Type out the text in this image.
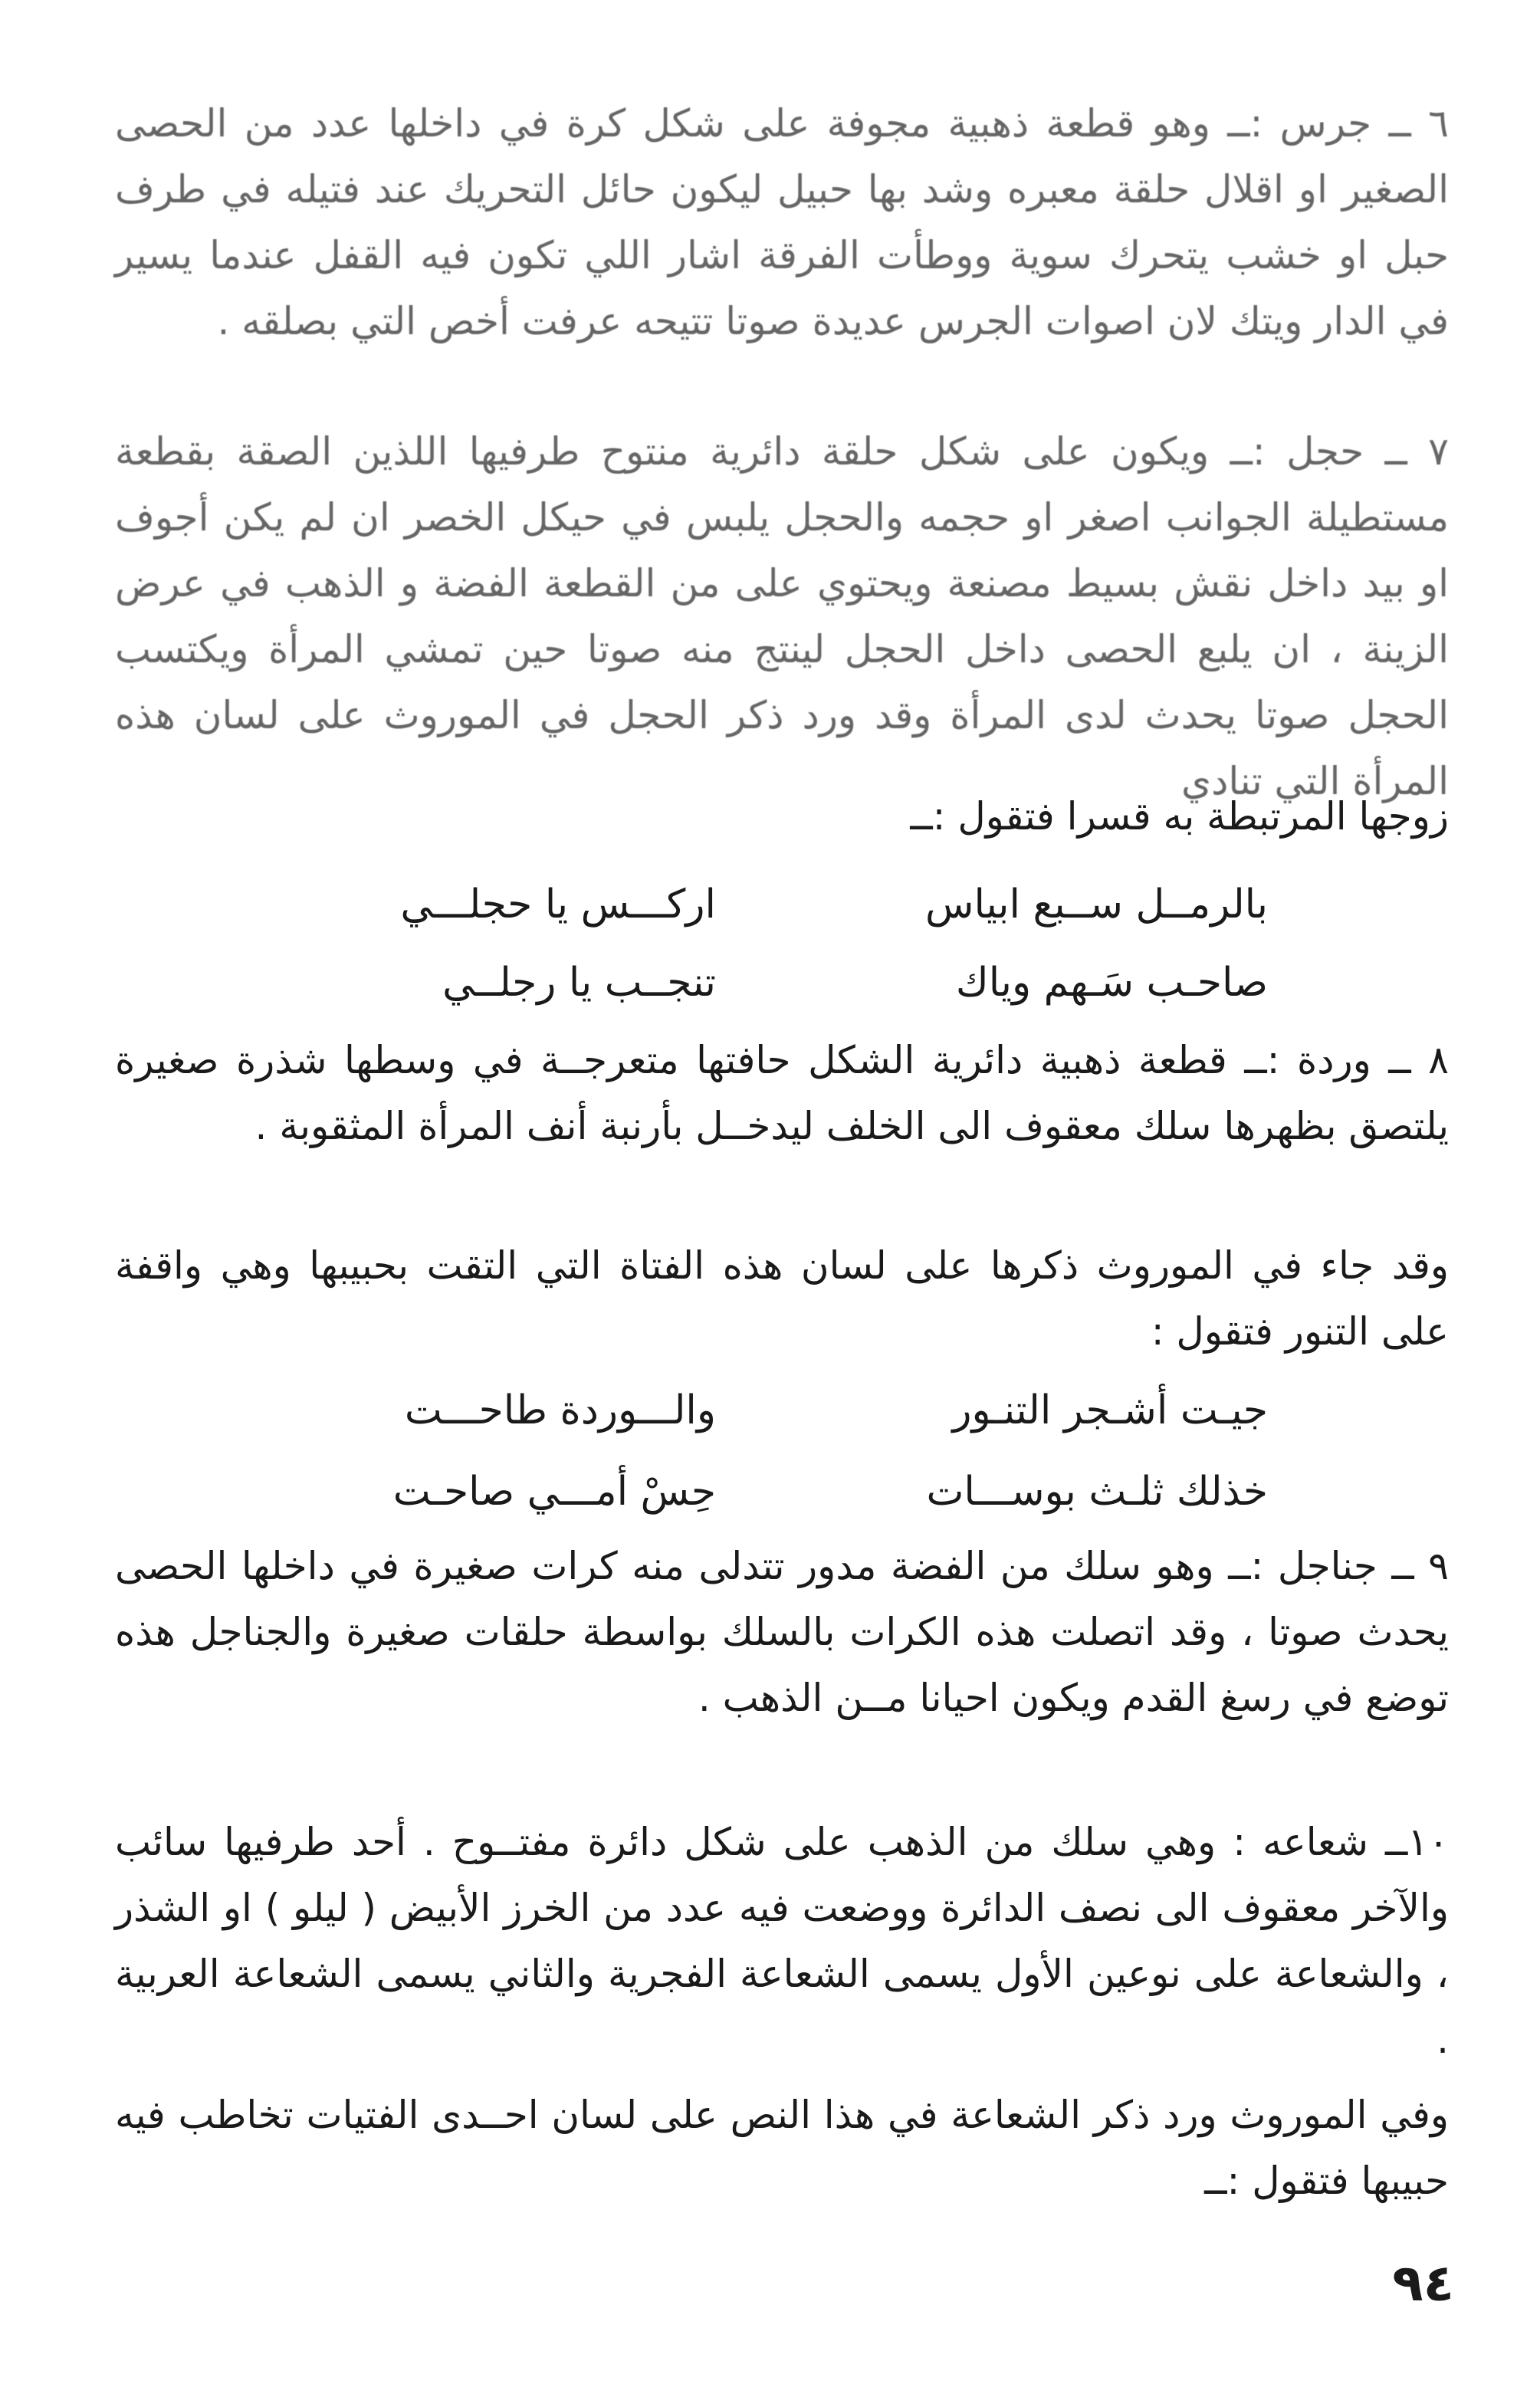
٦ ــ جرس :ــ وهو قطعة ذهبية مجوفة على شكل كرة في داخلها عدد من الحصى الصغير او اقلال حلقة معبره وشد بها حبيل ليكون حائل التحريك عند فتيله في طرف حبل او خشب يتحرك سوية ووطأت الفرقة اشار اللي تكون فيه القفل عندما يسير في الدار ويتك لان اصوات الجرس عديدة صوتا تتيحه عرفت أخص التي بصلقه .

٧ ــ حجل :ــ ويكون على شكل حلقة دائرية منتوح طرفيها اللذين الصقة بقطعة مستطيلة الجوانب اصغر او حجمه والحجل يلبس في حيكل الخصر ان لم يكن أجوف او بيد داخل نقش بسيط مصنعة ويحتوي على من القطعة الفضة و الذهب في عرض الزينة ، ان يلبع الحصى داخل الحجل لينتج منه صوتا حين تمشي المرأة ويكتسب الحجل صوتا يحدث لدى المرأة وقد ورد ذكر الحجل في الموروث على لسان هذه المرأة التي تنادي

زوجها المرتبطة به قسرا فتقول :ــ

بالرمــل ســبع ابياس
اركـــس يا حجلـــي
صاحـب سَـهم وياك
تنجــب يا رجلــي

٨ ــ وردة :ــ قطعة ذهبية دائرية الشكل حافتها متعرجــة في وسطها شذرة صغيرة يلتصق بظهرها سلك معقوف الى الخلف ليدخــل بأرنبة أنف المرأة المثقوبة .

وقد جاء في الموروث ذكرها على لسان هذه الفتاة التي التقت بحبيبها وهي واقفة على التنور فتقول :

جيـت أشـجر التنـور
والـــوردة طاحـــت
خذلك ثلـث بوســـات
حِسْ أمـــي صاحـت

٩ ــ جناجل :ــ وهو سلك من الفضة مدور تتدلى منه كرات صغيرة في داخلها الحصى يحدث صوتا ، وقد اتصلت هذه الكرات بالسلك بواسطة حلقات صغيرة والجناجل هذه توضع في رسغ القدم ويكون احيانا مــن الذهب .

١٠ــ شعاعه : وهي سلك من الذهب على شكل دائرة مفتــوح . أحد طرفيها سائب والآخر معقوف الى نصف الدائرة ووضعت فيه عدد من الخرز الأبيض ( ليلو ) او الشذر ، والشعاعة على نوعين الأول يسمى الشعاعة الفجرية والثاني يسمى الشعاعة العربية .

وفي الموروث ورد ذكر الشعاعة في هذا النص على لسان احــدى الفتيات تخاطب فيه حبيبها فتقول :ــ

٩٤
